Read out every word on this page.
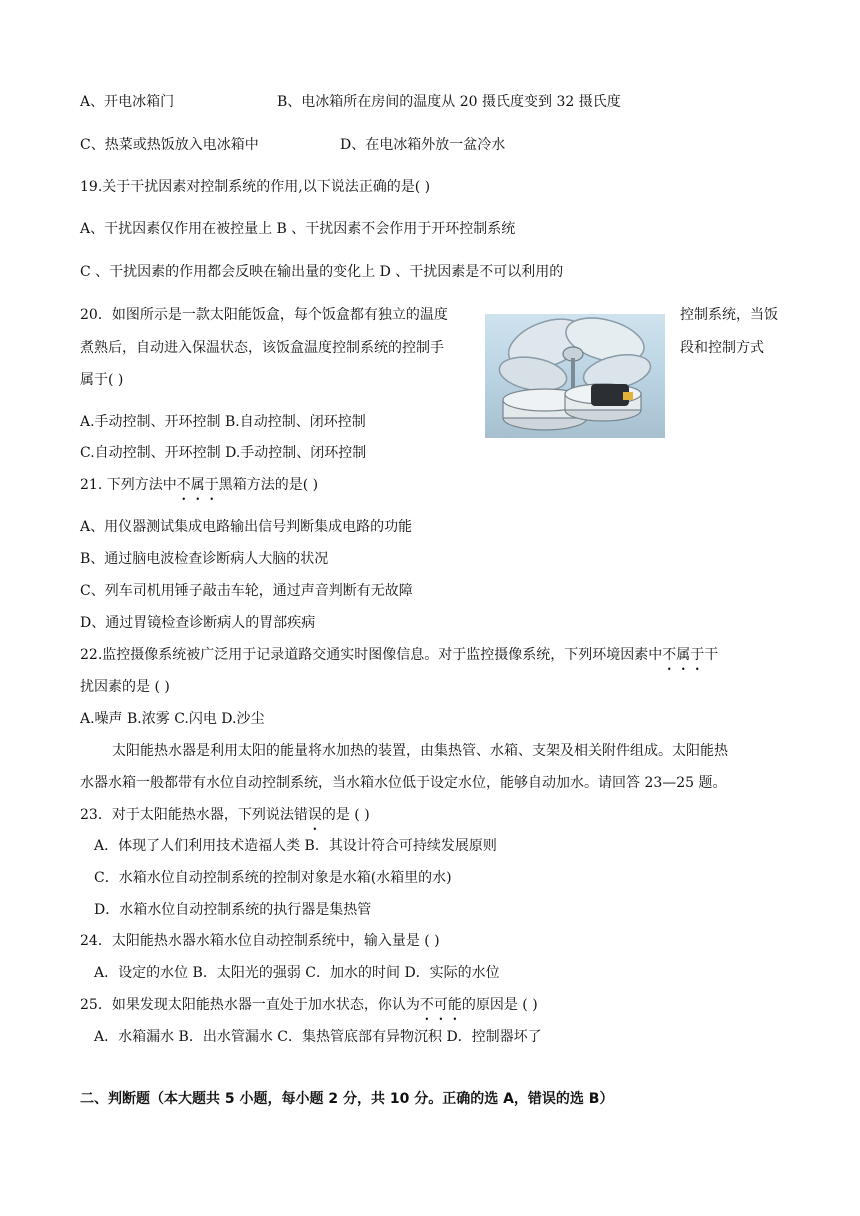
A、开电冰箱门	B、电冰箱所在房间的温度从 20 摄氏度变到 32 摄氏度
C、热菜或热饭放入电冰箱中	D、在电冰箱外放一盆冷水
19.关于干扰因素对控制系统的作用,以下说法正确的是( )
A、干扰因素仅作用在被控量上 B 、干扰因素不会作用于开环控制系统
C 、干扰因素的作用都会反映在输出量的变化上 D 、干扰因素是不可以利用的
20．如图所示是一款太阳能饭盒，每个饭盒都有独立的温度	控制系统，当饭
煮熟后，自动进入保温状态，该饭盒温度控制系统的控制手	段和控制方式
属于( )
A.手动控制、开环控制 B.自动控制、闭环控制
C.自动控制、开环控制 D.手动控制、闭环控制
21. 下列方法中不属于黑箱方法的是( )
A、用仪器测试集成电路输出信号判断集成电路的功能
B、通过脑电波检查诊断病人大脑的状况
C、列车司机用锤子敲击车轮，通过声音判断有无故障
D、通过胃镜检查诊断病人的胃部疾病
22.监控摄像系统被广泛用于记录道路交通实时图像信息。对于监控摄像系统，下列环境因素中不属于干
扰因素的是 ( )
A.噪声 B.浓雾 C.闪电 D.沙尘
太阳能热水器是利用太阳的能量将水加热的装置，由集热管、水箱、支架及相关附件组成。太阳能热
水器水箱一般都带有水位自动控制系统，当水箱水位低于设定水位，能够自动加水。请回答 23—25 题。
23．对于太阳能热水器，下列说法错误的是 ( )
A．体现了人们利用技术造福人类 B．其设计符合可持续发展原则
C．水箱水位自动控制系统的控制对象是水箱(水箱里的水)
D．水箱水位自动控制系统的执行器是集热管
24．太阳能热水器水箱水位自动控制系统中，输入量是 ( )
A．设定的水位 B．太阳光的强弱 C．加水的时间 D．实际的水位
25．如果发现太阳能热水器一直处于加水状态，你认为不可能的原因是 ( )
A．水箱漏水 B．出水管漏水 C．集热管底部有异物沉积 D．控制器坏了
二、判断题（本大题共 5 小题，每小题 2 分，共 10 分。正确的选 A，错误的选 B）
